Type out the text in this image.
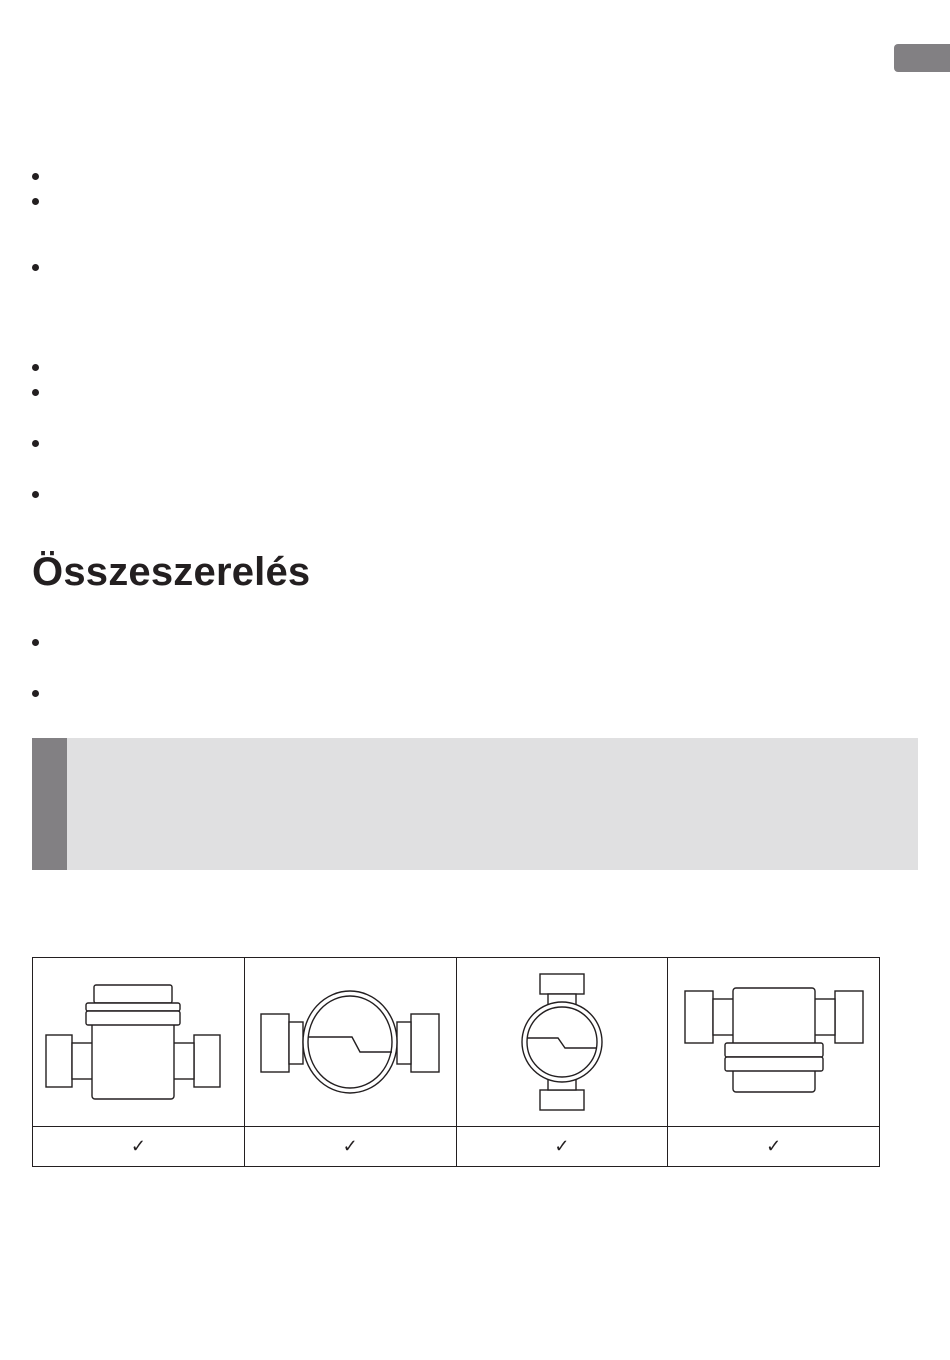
Összeszerelés

✓	✓	✓	✓
